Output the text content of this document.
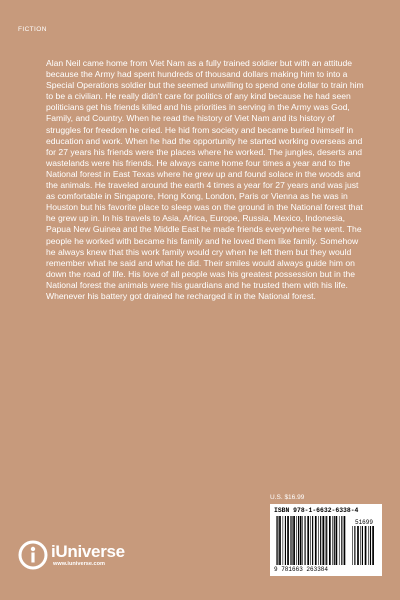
FICTION

Alan Neil came home from Viet Nam as a fully trained soldier but with an attitude because the Army had spent hundreds of thousand dollars making him to into a Special Operations soldier but the seemed unwilling to spend one dollar to train him to be a civilian. He really didn’t care for politics of any kind because he had seen politicians get his friends killed and his priorities in serving in the Army was God, Family, and Country. When he read the history of Viet Nam and its history of struggles for freedom he cried. He hid from society and became buried himself in education and work. When he had the opportunity he started working overseas and for 27 years his friends were the places where he worked. The jungles, deserts and wastelands were his friends. He always came home four times a year and to the National forest in East Texas where he grew up and found solace in the woods and the animals. He traveled around the earth 4 times a year for 27 years and was just as comfortable in Singapore, Hong Kong, London, Paris or Vienna as he was in Houston but his favorite place to sleep was on the ground in the National forest that he grew up in. In his travels to Asia, Africa, Europe, Russia, Mexico, Indonesia, Papua New Guinea and the Middle East he made friends everywhere he went. The people he worked with became his family and he loved them like family. Somehow he always knew that this work family would cry when he left them but they would remember what he said and what he did. Their smiles would always guide him on down the road of life. His love of all people was his greatest possession but in the National forest the animals were his guardians and he trusted them with his life. Whenever his battery got drained he recharged it in the National forest.

U.S. $16.99
ISBN 978-1-6632-6338-4
51699
9 781663 263384
iUniverse
www.iuniverse.com
